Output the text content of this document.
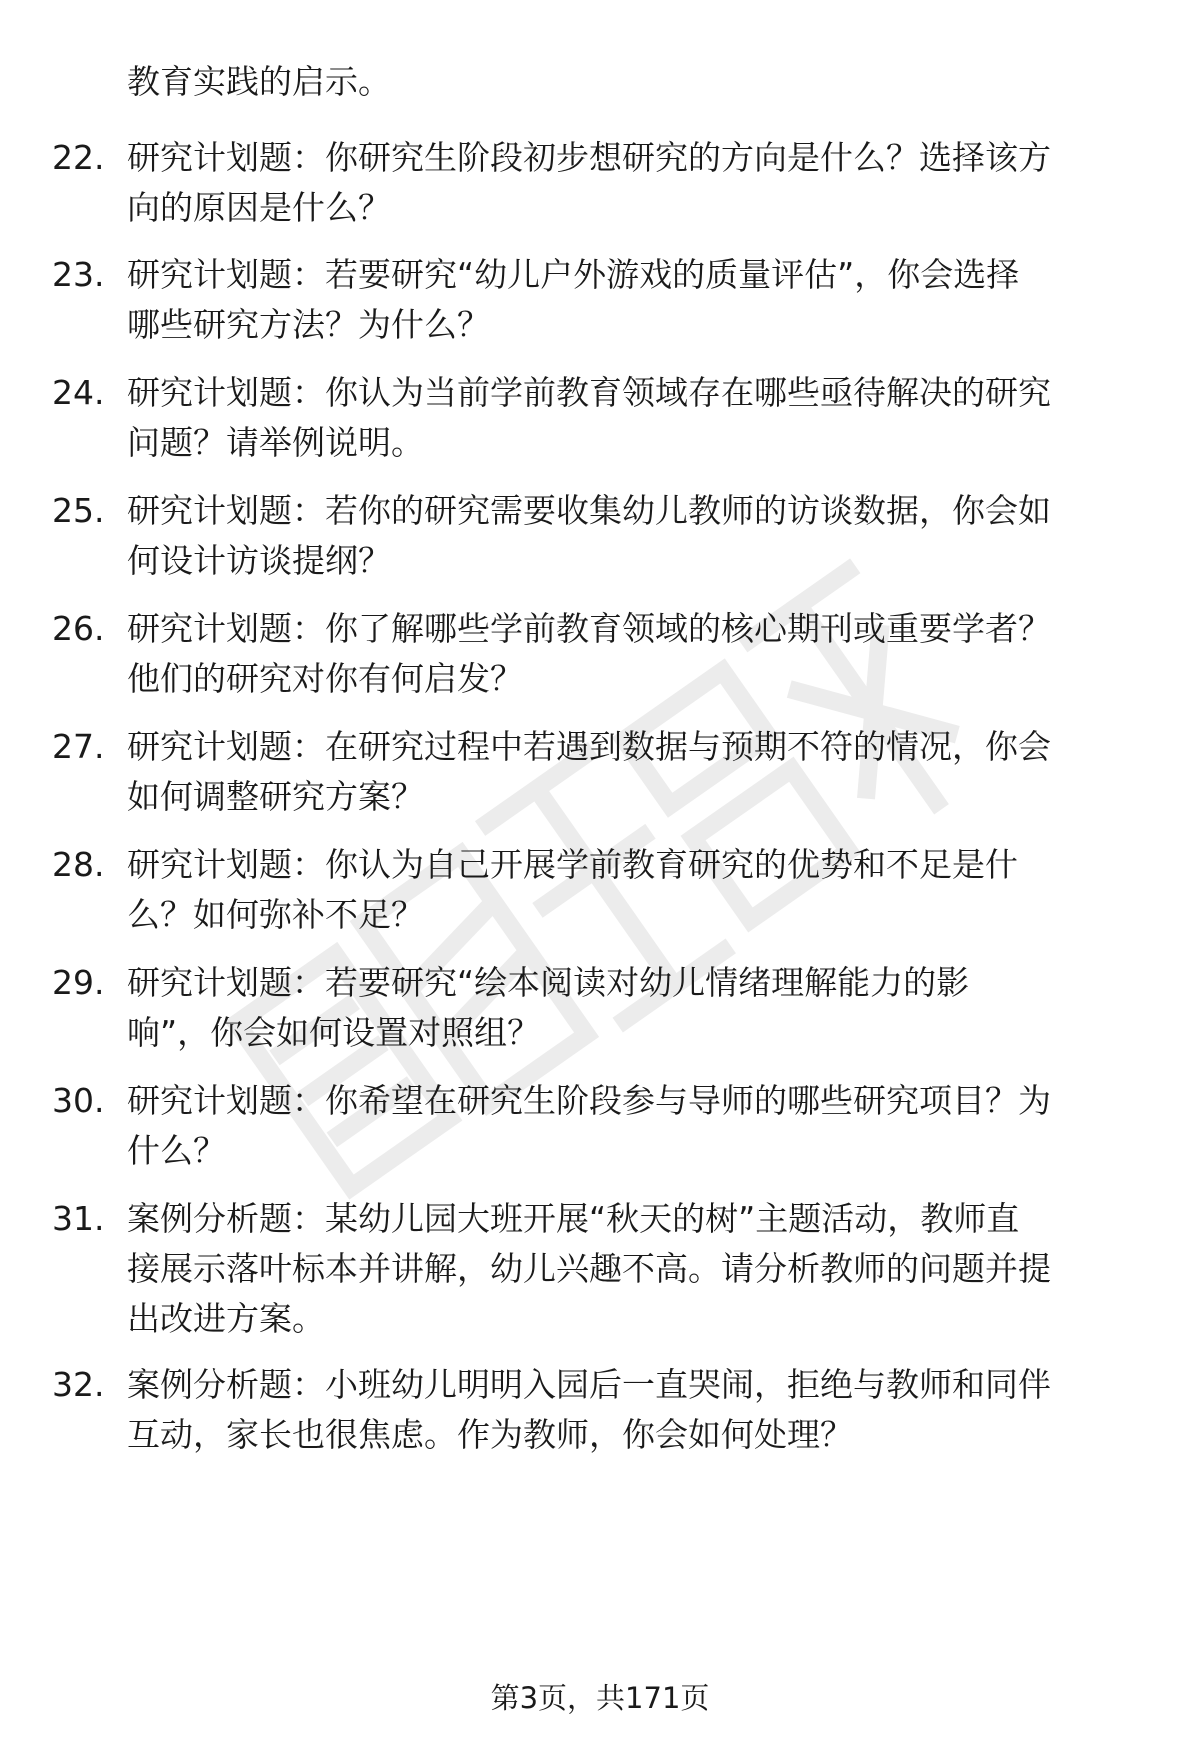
教育实践的启示。
22. 研究计划题：你研究生阶段初步想研究的方向是什么？选择该方
向的原因是什么？
23. 研究计划题：若要研究“幼儿户外游戏的质量评估”，你会选择
哪些研究方法？为什么？
24. 研究计划题：你认为当前学前教育领域存在哪些亟待解决的研究
问题？请举例说明。
25. 研究计划题：若你的研究需要收集幼儿教师的访谈数据，你会如
何设计访谈提纲？
26. 研究计划题：你了解哪些学前教育领域的核心期刊或重要学者？
他们的研究对你有何启发？
27. 研究计划题：在研究过程中若遇到数据与预期不符的情况，你会
如何调整研究方案？
28. 研究计划题：你认为自己开展学前教育研究的优势和不足是什
么？如何弥补不足？
29. 研究计划题：若要研究“绘本阅读对幼儿情绪理解能力的影
响”，你会如何设置对照组？
30. 研究计划题：你希望在研究生阶段参与导师的哪些研究项目？为
什么？
31. 案例分析题：某幼儿园大班开展“秋天的树”主题活动，教师直
接展示落叶标本并讲解，幼儿兴趣不高。请分析教师的问题并提
出改进方案。
32. 案例分析题：小班幼儿明明入园后一直哭闹，拒绝与教师和同伴
互动，家长也很焦虑。作为教师，你会如何处理？
第3页，共171页
